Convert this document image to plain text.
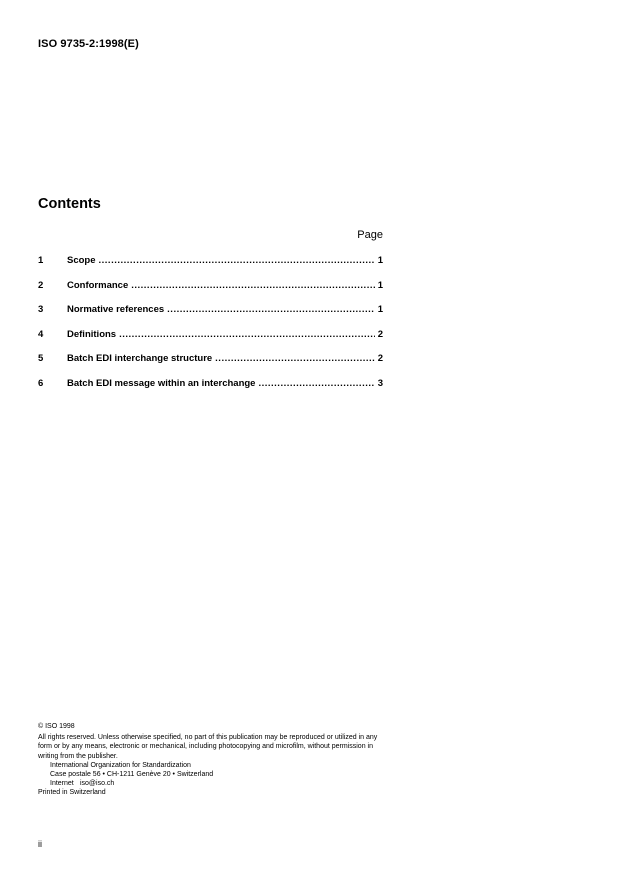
ISO 9735-2:1998(E)
Contents
Page
1	Scope .....	1
2	Conformance .....	1
3	Normative references .....	1
4	Definitions .....	2
5	Batch EDI interchange structure .....	2
6	Batch EDI message within an interchange .....	3

© ISO 1998

All rights reserved. Unless otherwise specified, no part of this publication may be reproduced or utilized in any form or by any means, electronic or mechanical, including photocopying and microfilm, without permission in writing from the publisher.

International Organization for Standardization

Case postale 56 • CH-1211 Genève 20 • Switzerland

Internet iso@iso.ch

Printed in Switzerland

ii
